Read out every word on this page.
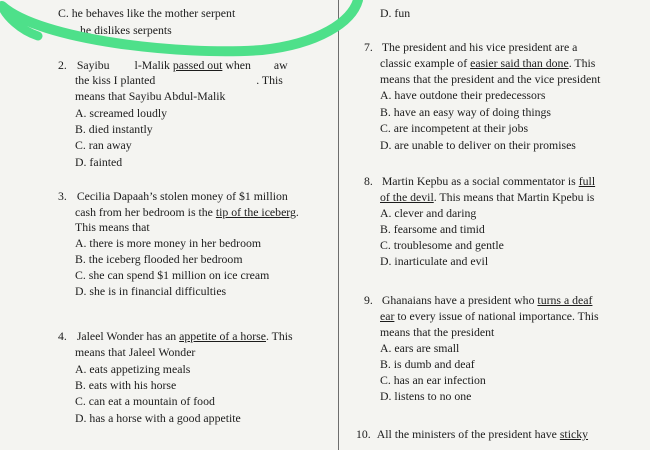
C. he behaves like the mother serpent
he dislikes serpents
2. Sayibu l-Malik passed out when aw
the kiss I planted	. This
means that Sayibu Abdul-Malik
A. screamed loudly
B. died instantly
C. ran away
D. fainted
3. Cecilia Dapaah’s stolen money of $1 million
cash from her bedroom is the tip of the iceberg.
This means that
A. there is more money in her bedroom
B. the iceberg flooded her bedroom
C. she can spend $1 million on ice cream
D. she is in financial difficulties
4. Jaleel Wonder has an appetite of a horse. This
means that Jaleel Wonder
A. eats appetizing meals
B. eats with his horse
C. can eat a mountain of food
D. has a horse with a good appetite
D. fun
7. The president and his vice president are a
classic example of easier said than done. This
means that the president and the vice president
A. have outdone their predecessors
B. have an easy way of doing things
C. are incompetent at their jobs
D. are unable to deliver on their promises
8. Martin Kepbu as a social commentator is full
of the devil. This means that Martin Kpebu is
A. clever and daring
B. fearsome and timid
C. troublesome and gentle
D. inarticulate and evil
9. Ghanaians have a president who turns a deaf
ear to every issue of national importance. This
means that the president
A. ears are small
B. is dumb and deaf
C. has an ear infection
D. listens to no one
10. All the ministers of the president have sticky
